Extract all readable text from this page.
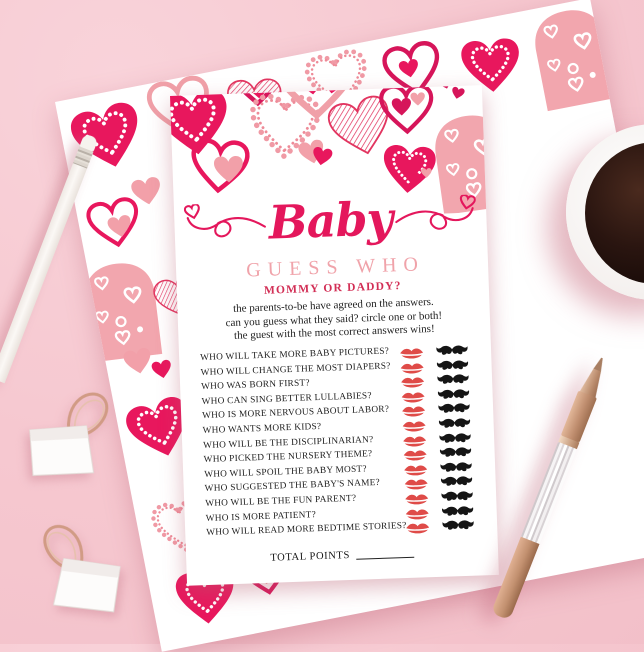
Baby
GUESS WHO
MOMMY OR DADDY?
the parents-to-be have agreed on the answers.
can you guess what they said? circle one or both!
the guest with the most correct answers wins!
WHO WILL TAKE MORE BABY PICTURES?
WHO WILL CHANGE THE MOST DIAPERS?
WHO WAS BORN FIRST?
WHO CAN SING BETTER LULLABIES?
WHO IS MORE NERVOUS ABOUT LABOR?
WHO WANTS MORE KIDS?
WHO WILL BE THE DISCIPLINARIAN?
WHO PICKED THE NURSERY THEME?
WHO WILL SPOIL THE BABY MOST?
WHO SUGGESTED THE BABY'S NAME?
WHO WILL BE THE FUN PARENT?
WHO IS MORE PATIENT?
WHO WILL READ MORE BEDTIME STORIES?
TOTAL POINTS
